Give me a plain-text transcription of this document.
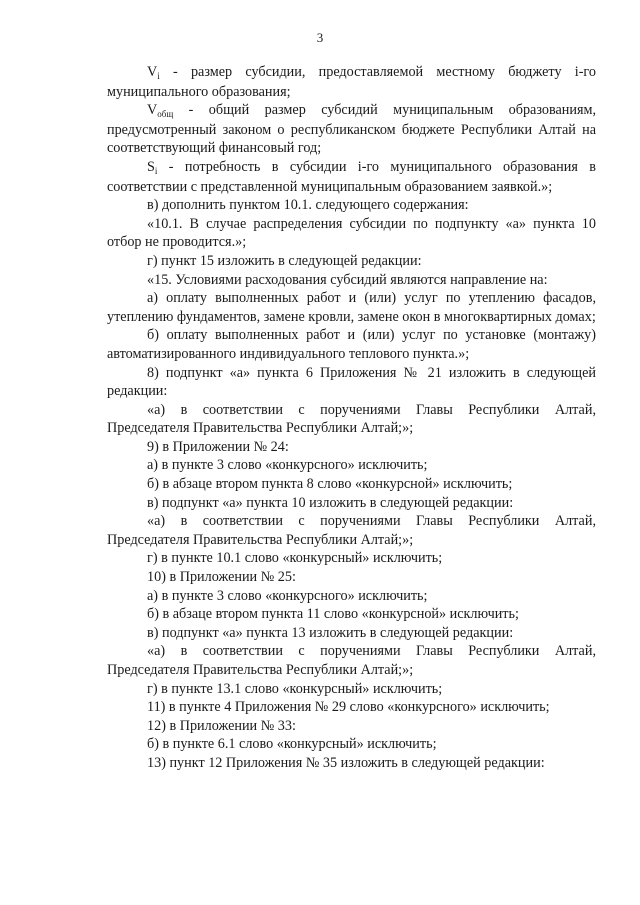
3

$V_i$ - размер субсидии, предоставляемой местному бюджету i-го муниципального образования;

$V_{общ}$ - общий размер субсидий муниципальным образованиям, предусмотренный законом о республиканском бюджете Республики Алтай на соответствующий финансовый год;

$S_i$ - потребность в субсидии i-го муниципального образования в соответствии с представленной муниципальным образованием заявкой.»;

в) дополнить пунктом 10.1. следующего содержания:

«10.1. В случае распределения субсидии по подпункту «а» пункта 10 отбор не проводится.»;

г) пункт 15 изложить в следующей редакции:

«15. Условиями расходования субсидий являются направление на:

а) оплату выполненных работ и (или) услуг по утеплению фасадов, утеплению фундаментов, замене кровли, замене окон в многоквартирных домах;

б) оплату выполненных работ и (или) услуг по установке (монтажу) автоматизированного индивидуального теплового пункта.»;

8) подпункт «а» пункта 6 Приложения № 21 изложить в следующей редакции:

«а) в соответствии с поручениями Главы Республики Алтай, Председателя Правительства Республики Алтай;»;

9) в Приложении № 24:

а) в пункте 3 слово «конкурсного» исключить;

б) в абзаце втором пункта 8 слово «конкурсной» исключить;

в) подпункт «а» пункта 10 изложить в следующей редакции:

«а) в соответствии с поручениями Главы Республики Алтай, Председателя Правительства Республики Алтай;»;

г) в пункте 10.1 слово «конкурсный» исключить;

10) в Приложении № 25:

а) в пункте 3 слово «конкурсного» исключить;

б) в абзаце втором пункта 11 слово «конкурсной» исключить;

в) подпункт «а» пункта 13 изложить в следующей редакции:

«а) в соответствии с поручениями Главы Республики Алтай, Председателя Правительства Республики Алтай;»;

г) в пункте 13.1 слово «конкурсный» исключить;

11) в пункте 4 Приложения № 29 слово «конкурсного» исключить;

12) в Приложении № 33:

б) в пункте 6.1 слово «конкурсный» исключить;

13) пункт 12 Приложения № 35 изложить в следующей редакции:
